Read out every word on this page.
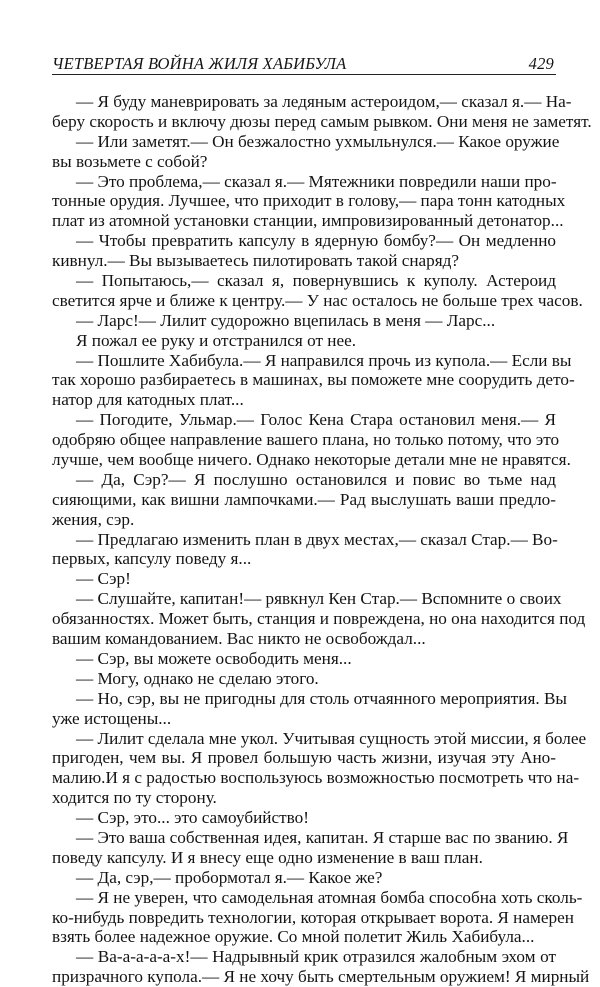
ЧЕТВЕРТАЯ ВОЙНА ЖИЛЯ ХАБИБУЛА	429
— Я буду маневрировать за ледяным астероидом,— сказал я.— На-
беру скорость и включу дюзы перед самым рывком. Они меня не заметят.
— Или заметят.— Он безжалостно ухмыльнулся.— Какое оружие
вы возьмете с собой?
— Это проблема,— сказал я.— Мятежники повредили наши про-
тонные орудия. Лучшее, что приходит в голову,— пара тонн катодных
плат из атомной установки станции, импровизированный детонатор...
— Чтобы превратить капсулу в ядерную бомбу?— Он медленно
кивнул.— Вы вызываетесь пилотировать такой снаряд?
— Попытаюсь,— сказал я, повернувшись к куполу. Астероид
светится ярче и ближе к центру.— У нас осталось не больше трех часов.
— Ларс!— Лилит судорожно вцепилась в меня — Ларс...
Я пожал ее руку и отстранился от нее.
— Пошлите Хабибула.— Я направился прочь из купола.— Если вы
так хорошо разбираетесь в машинах, вы поможете мне соорудить дето-
натор для катодных плат...
— Погодите, Ульмар.— Голос Кена Стара остановил меня.— Я
одобряю общее направление вашего плана, но только потому, что это
лучше, чем вообще ничего. Однако некоторые детали мне не нравятся.
— Да, Сэр?— Я послушно остановился и повис во тьме над
сияющими, как вишни лампочками.— Рад выслушать ваши предло-
жения, сэр.
— Предлагаю изменить план в двух местах,— сказал Стар.— Во-
первых, капсулу поведу я...
— Сэр!
— Слушайте, капитан!— рявкнул Кен Стар.— Вспомните о своих
обязанностях. Может быть, станция и повреждена, но она находится под
вашим командованием. Вас никто не освобождал...
— Сэр, вы можете освободить меня...
— Могу, однако не сделаю этого.
— Но, сэр, вы не пригодны для столь отчаянного мероприятия. Вы
уже истощены...
— Лилит сделала мне укол. Учитывая сущность этой миссии, я более
пригоден, чем вы. Я провел большую часть жизни, изучая эту Ано-
малию.И я с радостью воспользуюсь возможностью посмотреть что на-
ходится по ту сторону.
— Сэр, это... это самоубийство!
— Это ваша собственная идея, капитан. Я старше вас по званию. Я
поведу капсулу. И я внесу еще одно изменение в ваш план.
— Да, сэр,— пробормотал я.— Какое же?
— Я не уверен, что самодельная атомная бомба способна хоть сколь-
ко-нибудь повредить технологии, которая открывает ворота. Я намерен
взять более надежное оружие. Со мной полетит Жиль Хабибула...
— Ва-а-а-а-а-х!— Надрывный крик отразился жалобным эхом от
призрачного купола.— Я не хочу быть смертельным оружием! Я мирный
